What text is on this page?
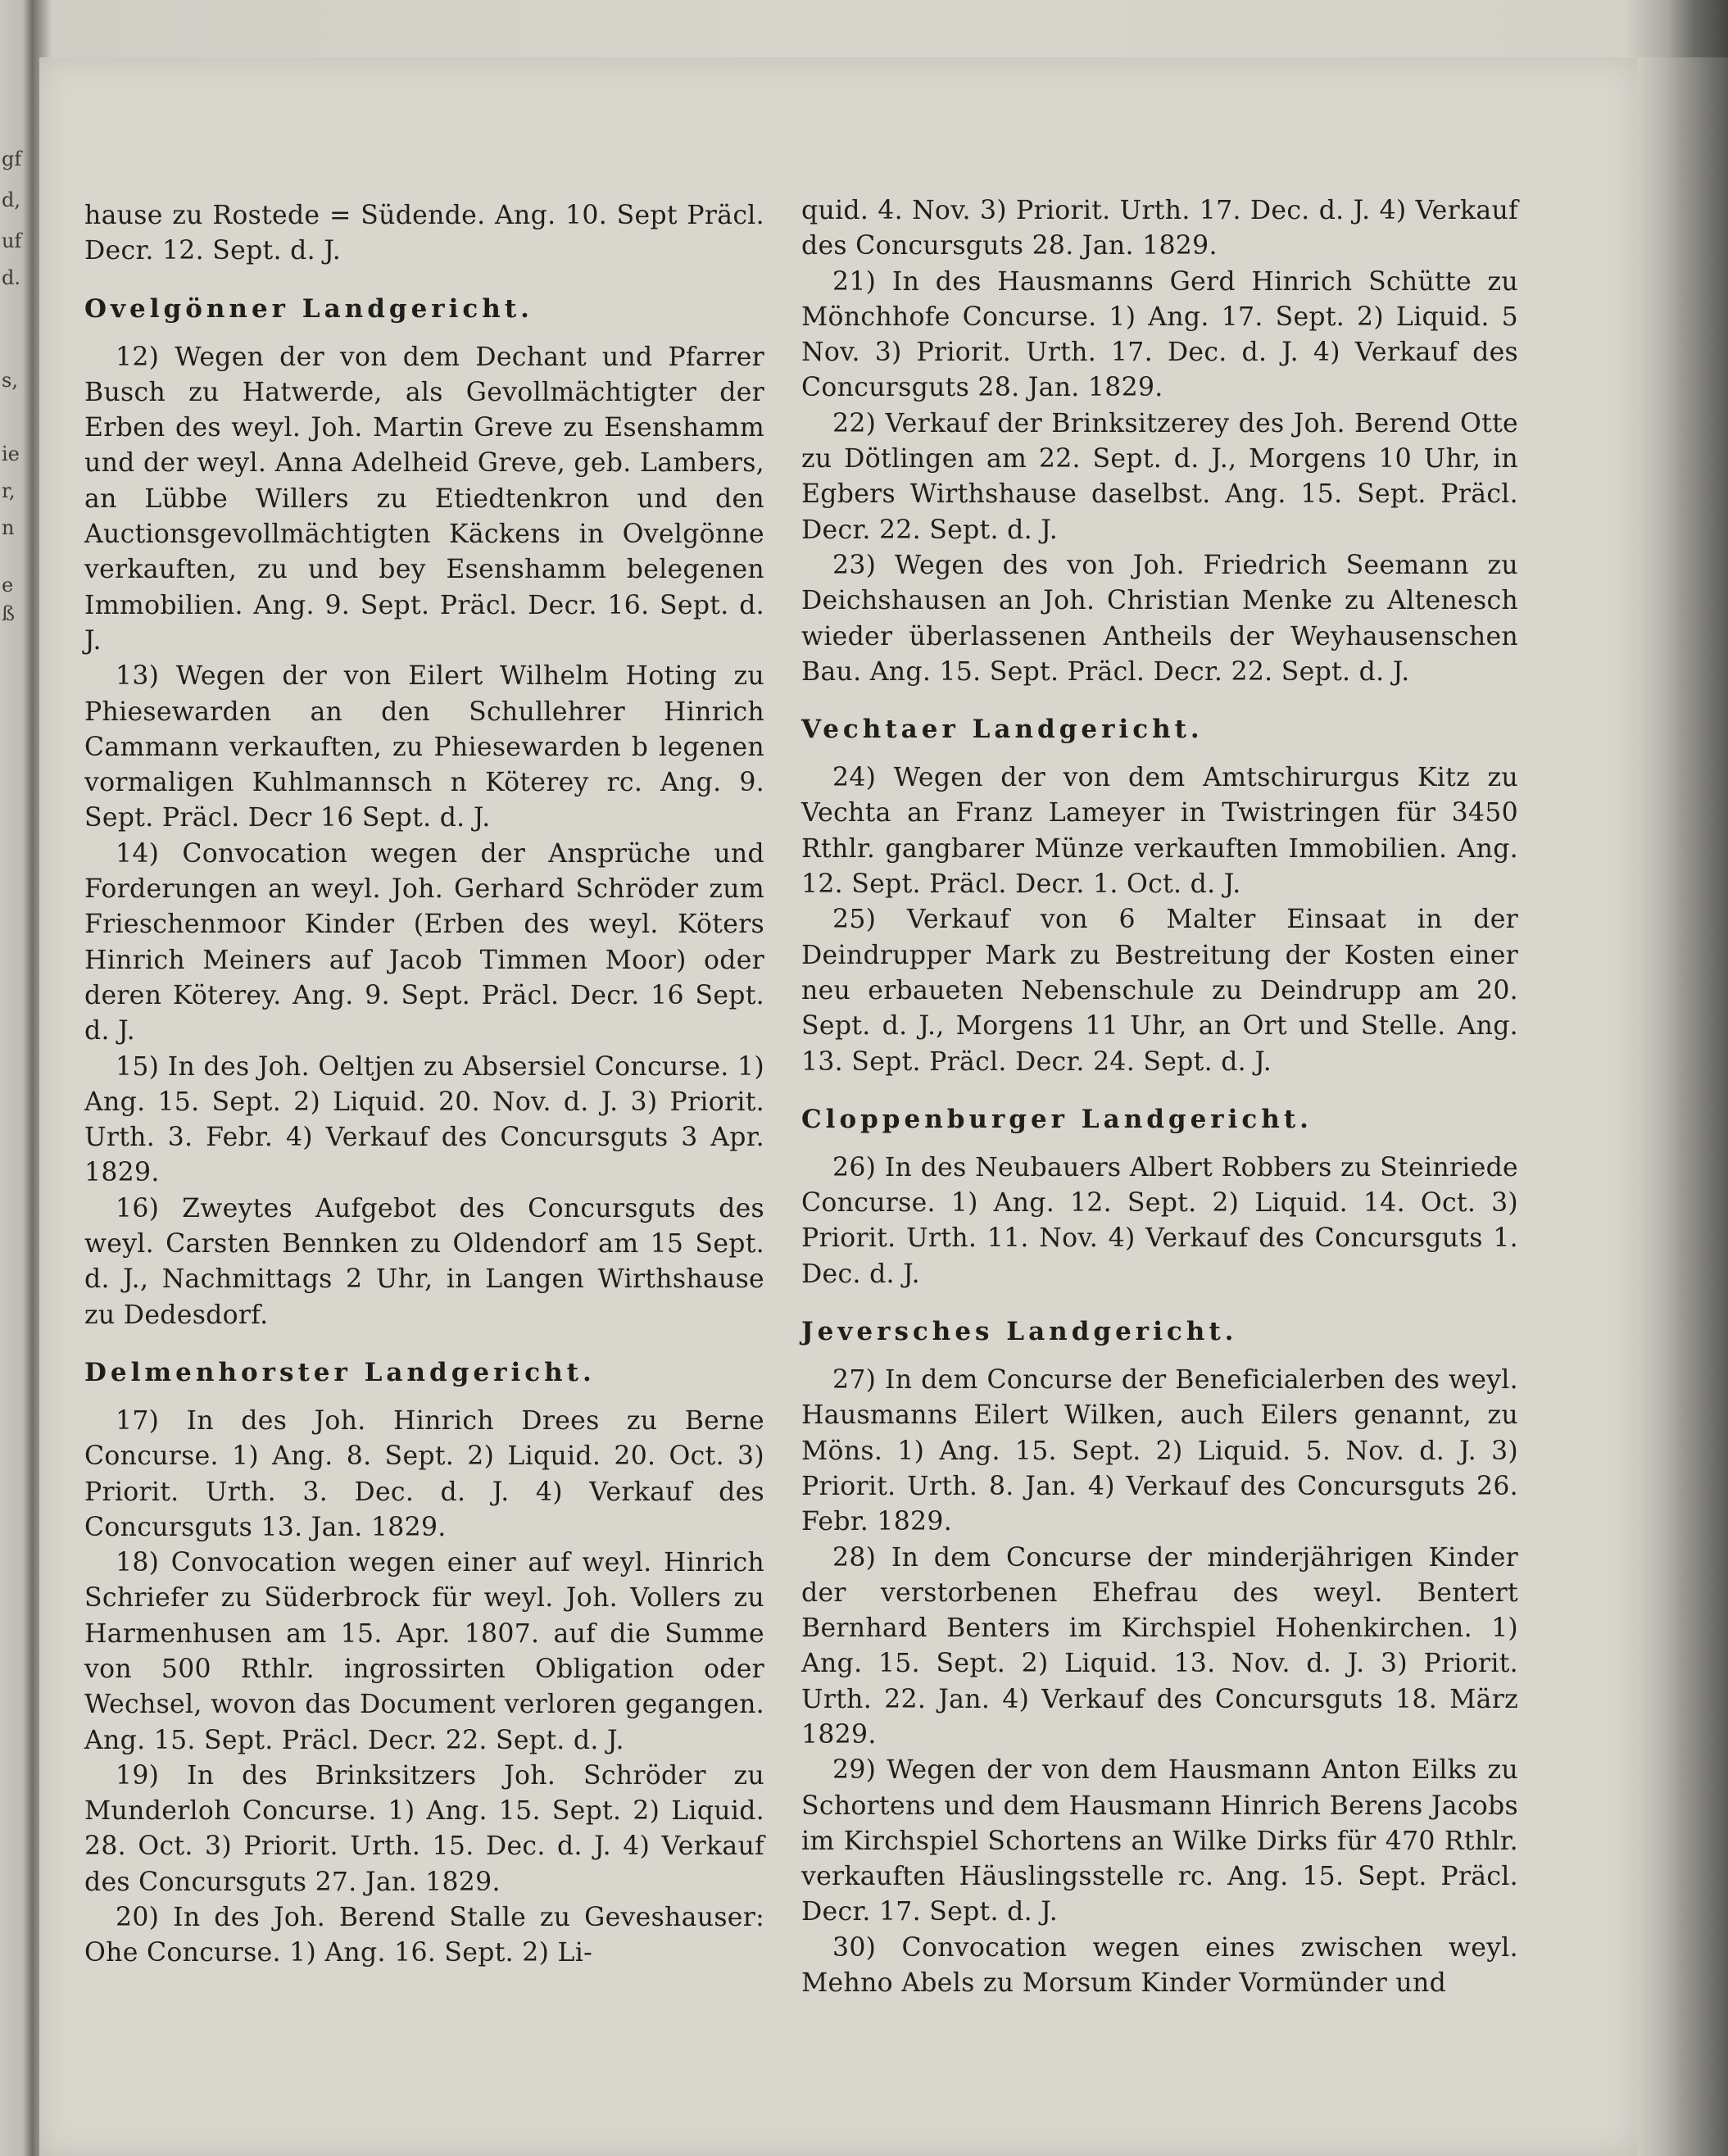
gf
d,
uf
d.
s,
ie
r,
n
e
ß

hause zu Rostede = Südende. Ang. 10. Sept Präcl. Decr. 12. Sept. d. J.

Ovelgönner Landgericht.

12) Wegen der von dem Dechant und Pfarrer Busch zu Hatwerde, als Gevollmächtigter der Erben des weyl. Joh. Martin Greve zu Esenshamm und der weyl. Anna Adelheid Greve, geb. Lambers, an Lübbe Willers zu Etiedtenkron und den Auctionsgevollmächtigten Käckens in Ovelgönne verkauften, zu und bey Esenshamm belegenen Immobilien. Ang. 9. Sept. Präcl. Decr. 16. Sept. d. J.

13) Wegen der von Eilert Wilhelm Hoting zu Phiesewarden an den Schullehrer Hinrich Cammann verkauften, zu Phiesewarden b legenen vormaligen Kuhlmannsch n Köterey rc. Ang. 9. Sept. Präcl. Decr 16 Sept. d. J.

14) Convocation wegen der Ansprüche und Forderungen an weyl. Joh. Gerhard Schröder zum Frieschenmoor Kinder (Erben des weyl. Köters Hinrich Meiners auf Jacob Timmen Moor) oder deren Köterey. Ang. 9. Sept. Präcl. Decr. 16 Sept. d. J.

15) In des Joh. Oeltjen zu Absersiel Concurse. 1) Ang. 15. Sept. 2) Liquid. 20. Nov. d. J. 3) Priorit. Urth. 3. Febr. 4) Verkauf des Concursguts 3 Apr. 1829.

16) Zweytes Aufgebot des Concursguts des weyl. Carsten Bennken zu Oldendorf am 15 Sept. d. J., Nachmittags 2 Uhr, in Langen Wirthshause zu Dedesdorf.

Delmenhorster Landgericht.

17) In des Joh. Hinrich Drees zu Berne Concurse. 1) Ang. 8. Sept. 2) Liquid. 20. Oct. 3) Priorit. Urth. 3. Dec. d. J. 4) Verkauf des Concursguts 13. Jan. 1829.

18) Convocation wegen einer auf weyl. Hinrich Schriefer zu Süderbrock für weyl. Joh. Vollers zu Harmenhusen am 15. Apr. 1807. auf die Summe von 500 Rthlr. ingrossirten Obligation oder Wechsel, wovon das Document verloren gegangen. Ang. 15. Sept. Präcl. Decr. 22. Sept. d. J.

19) In des Brinksitzers Joh. Schröder zu Munderloh Concurse. 1) Ang. 15. Sept. 2) Liquid. 28. Oct. 3) Priorit. Urth. 15. Dec. d. J. 4) Verkauf des Concursguts 27. Jan. 1829.

20) In des Joh. Berend Stalle zu Geveshauser: Ohe Concurse. 1) Ang. 16. Sept. 2) Li-

quid. 4. Nov. 3) Priorit. Urth. 17. Dec. d. J. 4) Verkauf des Concursguts 28. Jan. 1829.

21) In des Hausmanns Gerd Hinrich Schütte zu Mönchhofe Concurse. 1) Ang. 17. Sept. 2) Liquid. 5 Nov. 3) Priorit. Urth. 17. Dec. d. J. 4) Verkauf des Concursguts 28. Jan. 1829.

22) Verkauf der Brinksitzerey des Joh. Berend Otte zu Dötlingen am 22. Sept. d. J., Morgens 10 Uhr, in Egbers Wirthshause daselbst. Ang. 15. Sept. Präcl. Decr. 22. Sept. d. J.

23) Wegen des von Joh. Friedrich Seemann zu Deichshausen an Joh. Christian Menke zu Altenesch wieder überlassenen Antheils der Weyhausenschen Bau. Ang. 15. Sept. Präcl. Decr. 22. Sept. d. J.

Vechtaer Landgericht.

24) Wegen der von dem Amtschirurgus Kitz zu Vechta an Franz Lameyer in Twistringen für 3450 Rthlr. gangbarer Münze verkauften Immobilien. Ang. 12. Sept. Präcl. Decr. 1. Oct. d. J.

25) Verkauf von 6 Malter Einsaat in der Deindrupper Mark zu Bestreitung der Kosten einer neu erbaueten Nebenschule zu Deindrupp am 20. Sept. d. J., Morgens 11 Uhr, an Ort und Stelle. Ang. 13. Sept. Präcl. Decr. 24. Sept. d. J.

Cloppenburger Landgericht.

26) In des Neubauers Albert Robbers zu Steinriede Concurse. 1) Ang. 12. Sept. 2) Liquid. 14. Oct. 3) Priorit. Urth. 11. Nov. 4) Verkauf des Concursguts 1. Dec. d. J.

Jeversches Landgericht.

27) In dem Concurse der Beneficialerben des weyl. Hausmanns Eilert Wilken, auch Eilers genannt, zu Möns. 1) Ang. 15. Sept. 2) Liquid. 5. Nov. d. J. 3) Priorit. Urth. 8. Jan. 4) Verkauf des Concursguts 26. Febr. 1829.

28) In dem Concurse der minderjährigen Kinder der verstorbenen Ehefrau des weyl. Bentert Bernhard Benters im Kirchspiel Hohenkirchen. 1) Ang. 15. Sept. 2) Liquid. 13. Nov. d. J. 3) Priorit. Urth. 22. Jan. 4) Verkauf des Concursguts 18. März 1829.

29) Wegen der von dem Hausmann Anton Eilks zu Schortens und dem Hausmann Hinrich Berens Jacobs im Kirchspiel Schortens an Wilke Dirks für 470 Rthlr. verkauften Häuslingsstelle rc. Ang. 15. Sept. Präcl. Decr. 17. Sept. d. J.

30) Convocation wegen eines zwischen weyl. Mehno Abels zu Morsum Kinder Vormünder und
